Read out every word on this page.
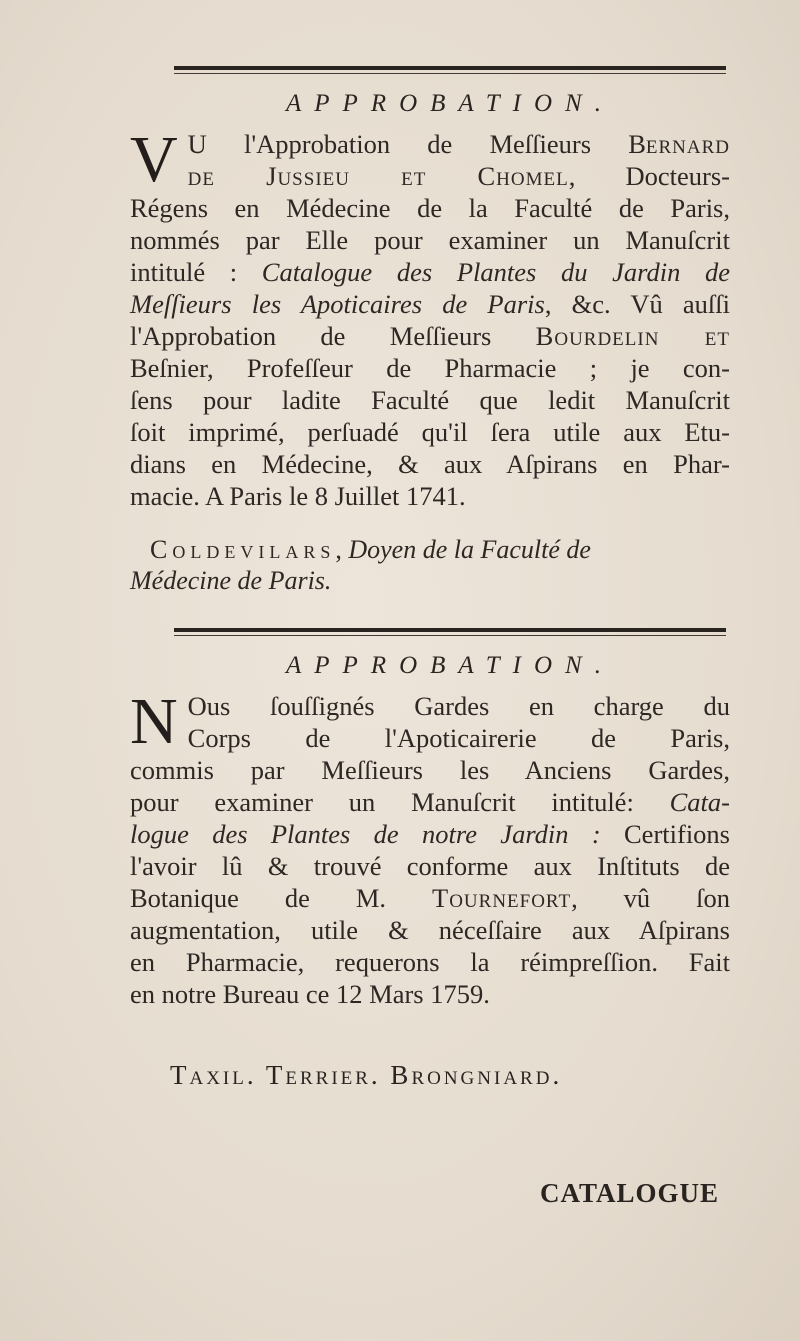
APPROBATION.
V U l'Approbation de Meſſieurs Bernard
de Jussieu et Chomel, Docteurs-
Régens en Médecine de la Faculté de Paris,
nommés par Elle pour examiner un Manuſcrit
intitulé : Catalogue des Plantes du Jardin de
Meſſieurs les Apoticaires de Paris, &c. Vû auſſi
l'Approbation de Meſſieurs Bourdelin et
Beſnier, Profeſſeur de Pharmacie ; je con-
ſens pour ladite Faculté que ledit Manuſcrit
ſoit imprimé, perſuadé qu'il ſera utile aux Etu-
dians en Médecine, & aux Aſpirans en Phar-
macie. A Paris le 8 Juillet 1741.
Coldevilars, Doyen de la Faculté de
Médecine de Paris.
APPROBATION.
N Ous ſouſſignés Gardes en charge du
Corps de l'Apoticairerie de Paris,
commis par Meſſieurs les Anciens Gardes,
pour examiner un Manuſcrit intitulé: Cata-
logue des Plantes de notre Jardin : Certifions
l'avoir lû & trouvé conforme aux Inſtituts de
Botanique de M. Tournefort, vû ſon
augmentation, utile & néceſſaire aux Aſpirans
en Pharmacie, requerons la réimpreſſion. Fait
en notre Bureau ce 12 Mars 1759.
Taxil. Terrier. Brongniard.
CATALOGUE
